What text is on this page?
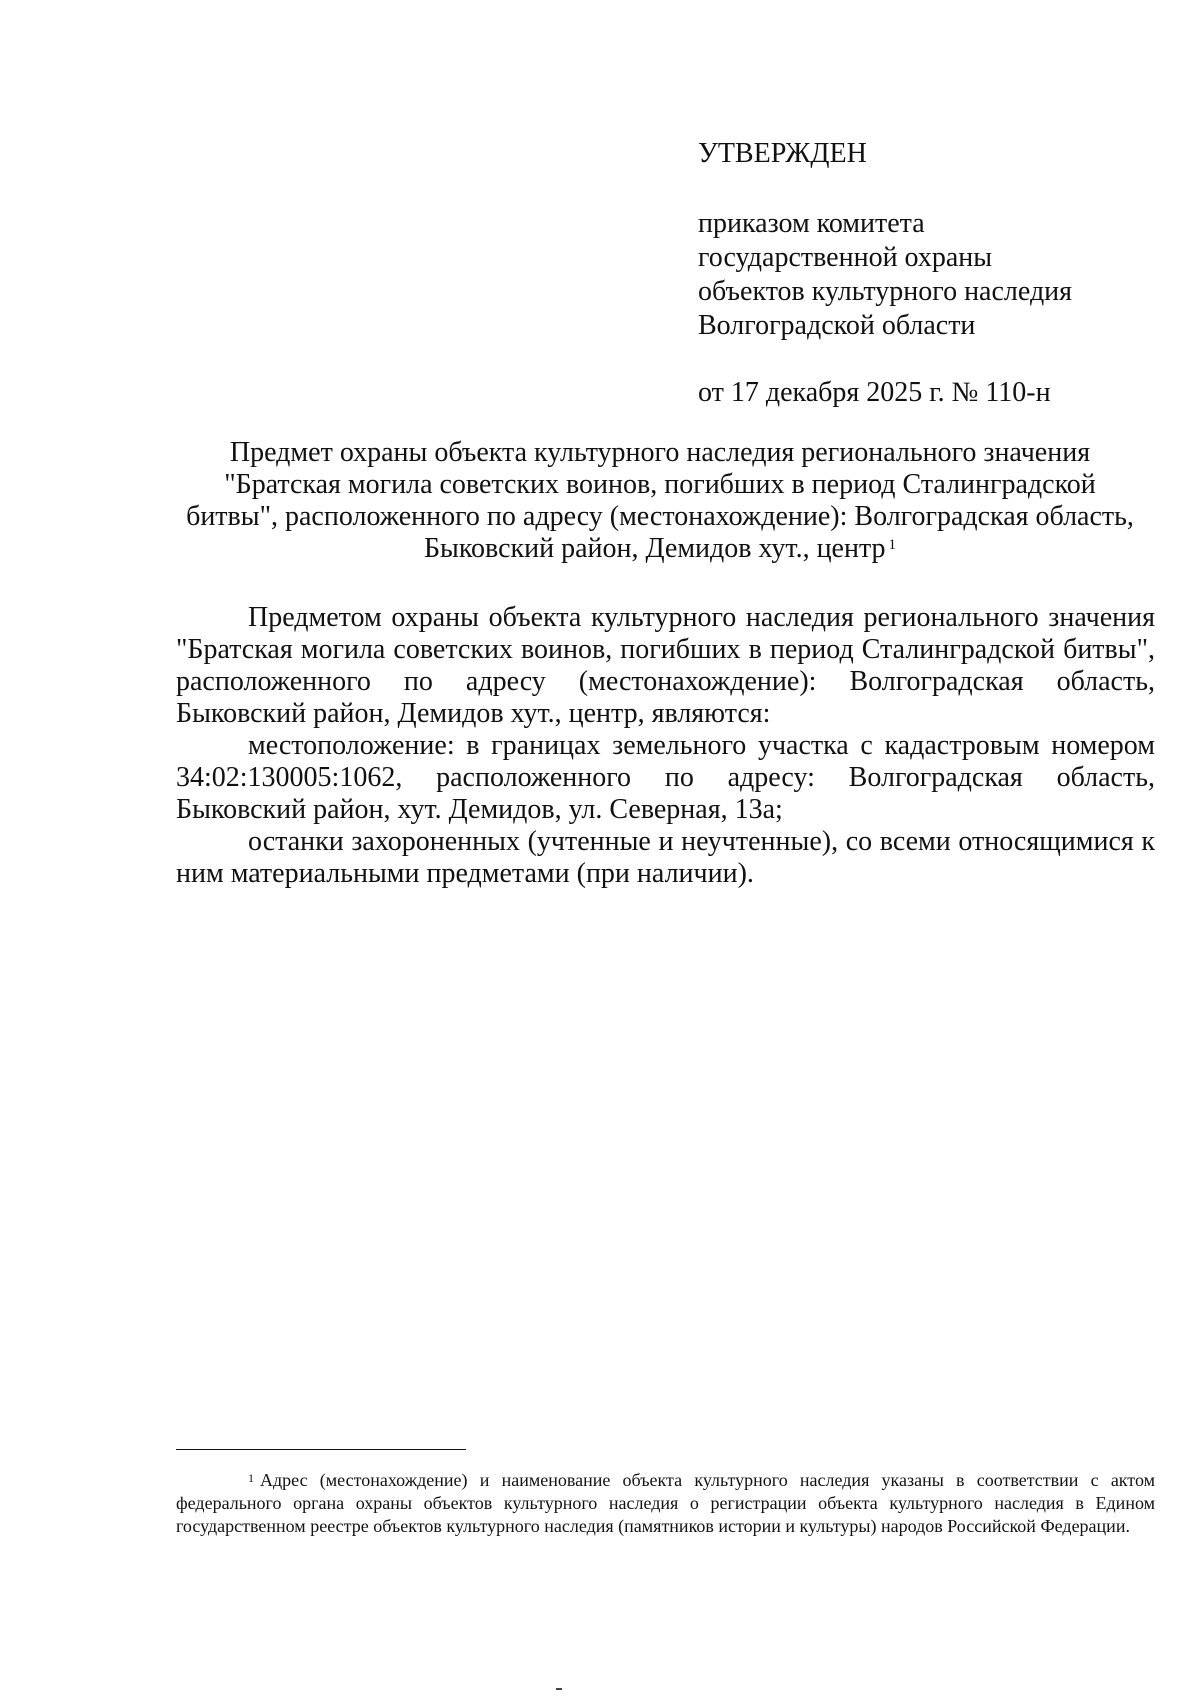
УТВЕРЖДЕН
приказом комитета
государственной охраны
объектов культурного наследия
Волгоградской области
от 17 декабря 2025 г. № 110-н
Предмет охраны объекта культурного наследия регионального значения
"Братская могила советских воинов, погибших в период Сталинградской
битвы", расположенного по адресу (местонахождение): Волгоградская область,
Быковский район, Демидов хут., центр $^1$

Предметом охраны объекта культурного наследия регионального значения "Братская могила советских воинов, погибших в период Сталинградской битвы", расположенного по адресу (местонахождение): Волгоградская область, Быковский район, Демидов хут., центр, являются:

местоположение: в границах земельного участка с кадастровым номером 34:02:130005:1062, расположенного по адресу: Волгоградская область, Быковский район, хут. Демидов, ул. Северная, 13а;

останки захороненных (учтенные и неучтенные), со всеми относящимися к ним материальными предметами (при наличии).

$^1$ Адрес (местонахождение) и наименование объекта культурного наследия указаны в соответствии с актом федерального органа охраны объектов культурного наследия о регистрации объекта культурного наследия в Едином государственном реестре объектов культурного наследия (памятников истории и культуры) народов Российской Федерации.
